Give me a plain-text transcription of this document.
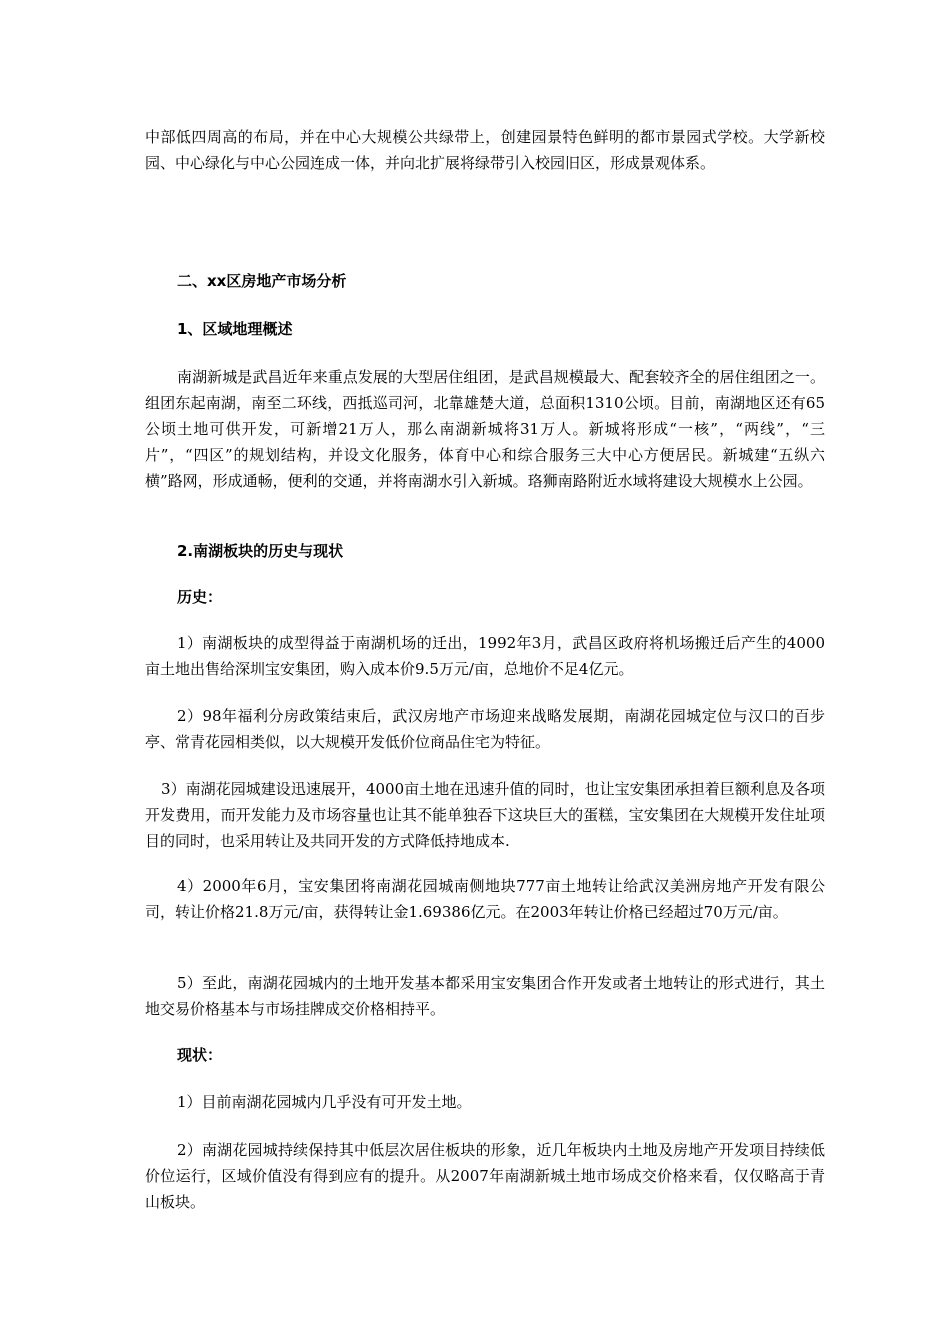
中部低四周高的布局，并在中心大规模公共绿带上，创建园景特色鲜明的都市景园式学校。大学新校园、中心绿化与中心公园连成一体，并向北扩展将绿带引入校园旧区，形成景观体系。

二、xx区房地产市场分析
1、区域地理概述

南湖新城是武昌近年来重点发展的大型居住组团，是武昌规模最大、配套较齐全的居住组团之一。组团东起南湖，南至二环线，西抵巡司河，北靠雄楚大道，总面积1310公顷。目前，南湖地区还有65公顷土地可供开发，可新增21万人，那么南湖新城将31万人。新城将形成“一核”，“两线”，“三片”，“四区”的规划结构，并设文化服务，体育中心和综合服务三大中心方便居民。新城建“五纵六横”路网，形成通畅，便利的交通，并将南湖水引入新城。珞狮南路附近水域将建设大规模水上公园。

2.南湖板块的历史与现状
历史：

1）南湖板块的成型得益于南湖机场的迁出，1992年3月，武昌区政府将机场搬迁后产生的4000亩土地出售给深圳宝安集团，购入成本价9.5万元/亩，总地价不足4亿元。

2）98年福利分房政策结束后，武汉房地产市场迎来战略发展期，南湖花园城定位与汉口的百步亭、常青花园相类似，以大规模开发低价位商品住宅为特征。

3）南湖花园城建设迅速展开，4000亩土地在迅速升值的同时，也让宝安集团承担着巨额利息及各项开发费用，而开发能力及市场容量也让其不能单独吞下这块巨大的蛋糕，宝安集团在大规模开发住址项目的同时，也采用转让及共同开发的方式降低持地成本.

4）2000年6月，宝安集团将南湖花园城南侧地块777亩土地转让给武汉美洲房地产开发有限公司，转让价格21.8万元/亩，获得转让金1.69386亿元。在2003年转让价格已经超过70万元/亩。

5）至此，南湖花园城内的土地开发基本都采用宝安集团合作开发或者土地转让的形式进行，其土地交易价格基本与市场挂牌成交价格相持平。

现状：

1）目前南湖花园城内几乎没有可开发土地。

2）南湖花园城持续保持其中低层次居住板块的形象，近几年板块内土地及房地产开发项目持续低价位运行，区域价值没有得到应有的提升。从2007年南湖新城土地市场成交价格来看，仅仅略高于青山板块。
